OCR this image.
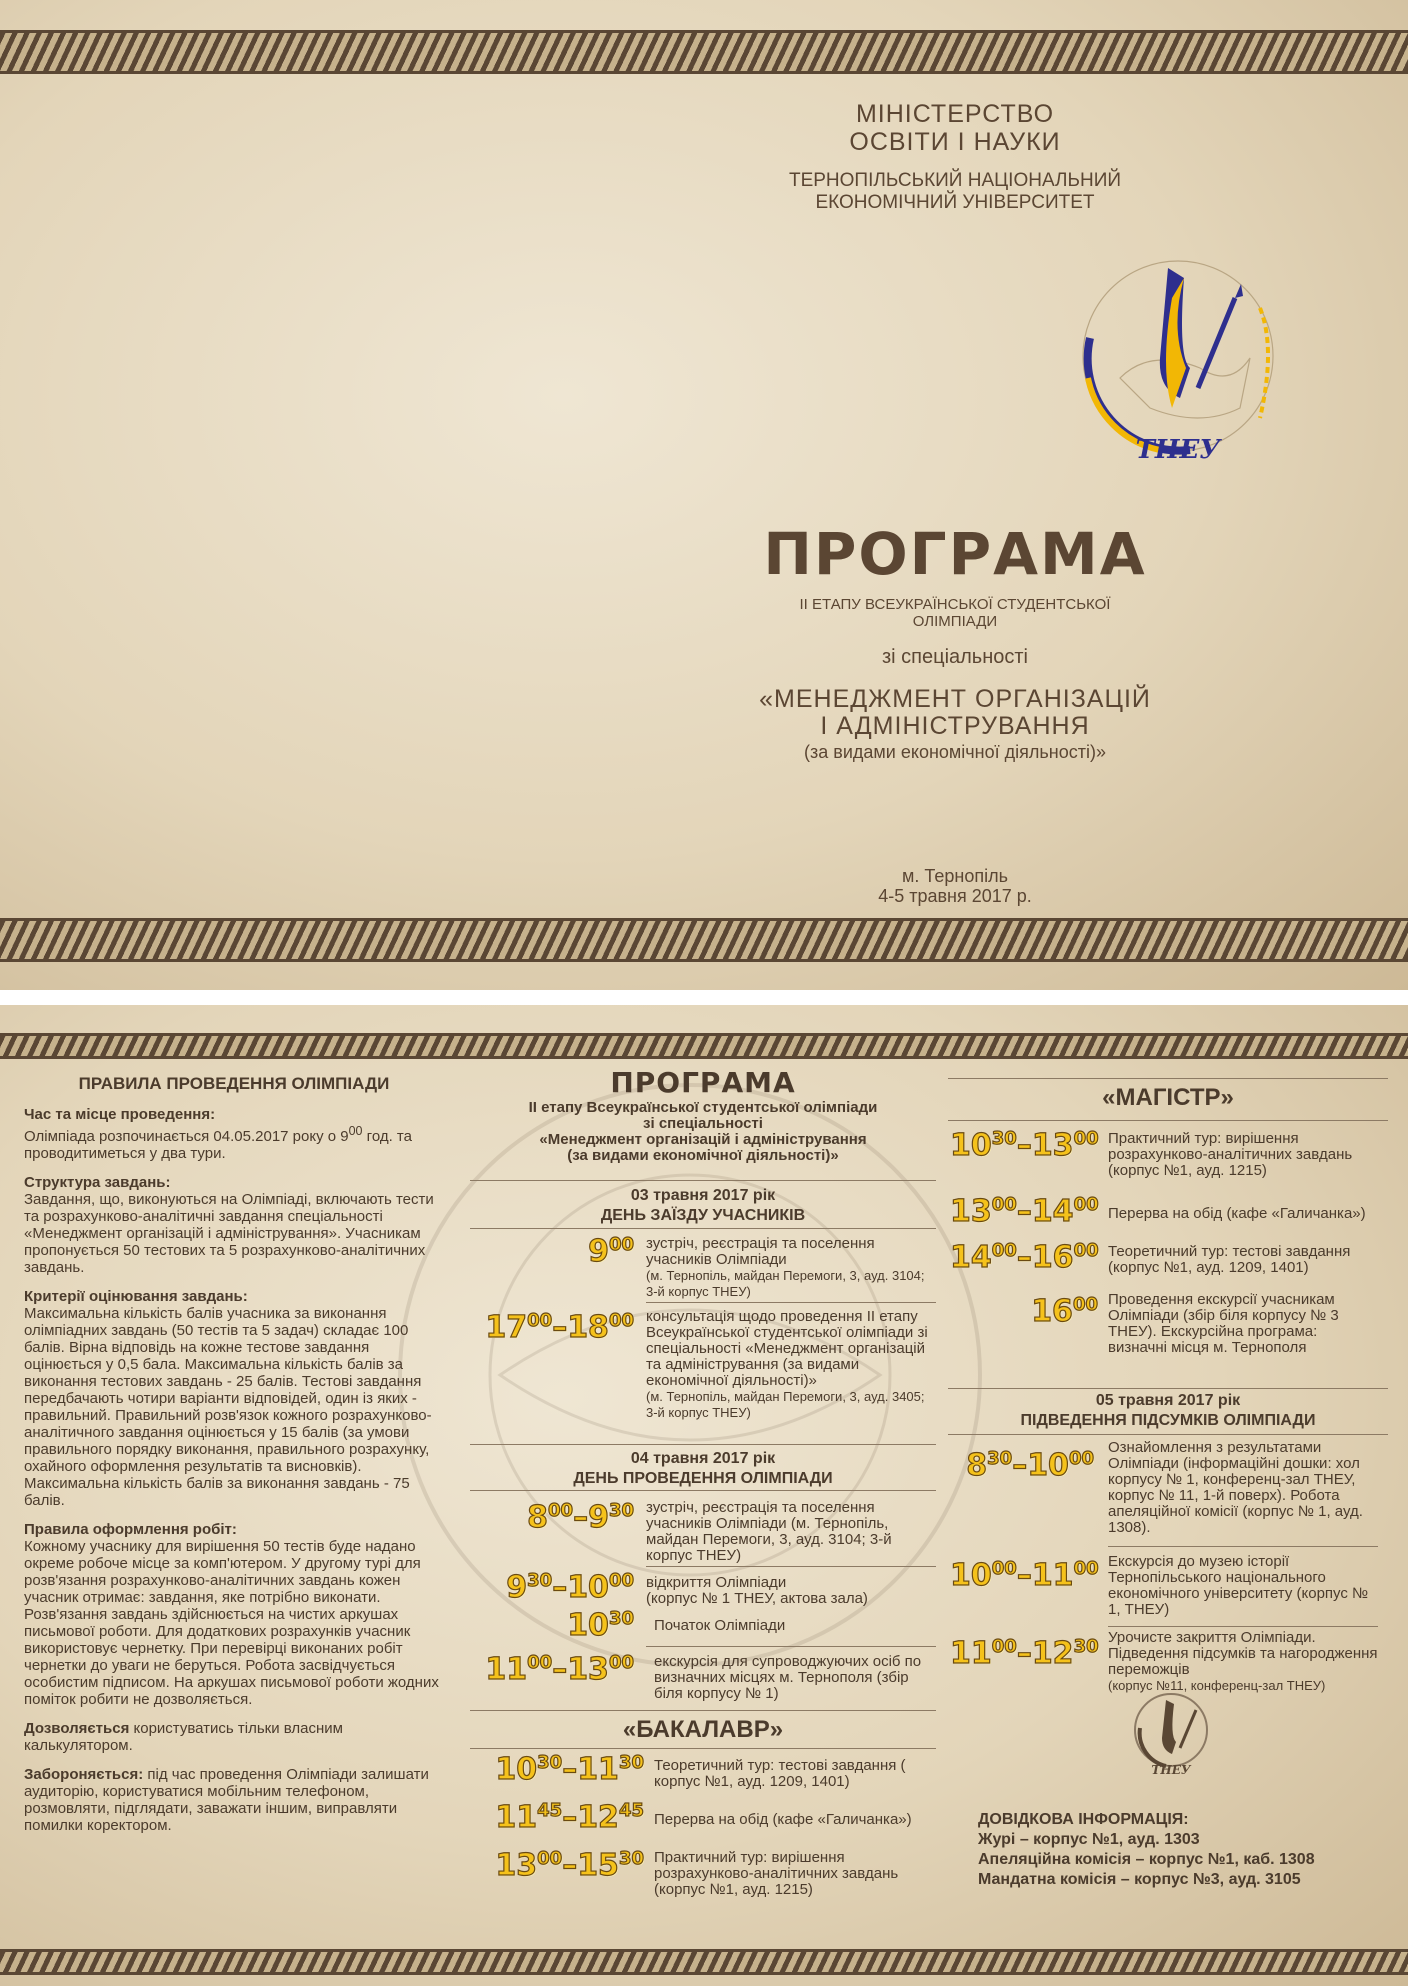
МІНІСТЕРСТВО
ОСВІТИ І НАУКИ
ТЕРНОПІЛЬСЬКИЙ НАЦІОНАЛЬНИЙ
ЕКОНОМІЧНИЙ УНІВЕРСИТЕТ
ТНЕУ
ПРОГРАМА
ІІ ЕТАПУ ВСЕУКРАЇНСЬКОЇ СТУДЕНТСЬКОЇ
ОЛІМПІАДИ
зі спеціальності
«МЕНЕДЖМЕНТ ОРГАНІЗАЦІЙ
І АДМІНІСТРУВАННЯ
(за видами економічної діяльності)»
м. Тернопіль
4-5 травня 2017 р.
ПРАВИЛА ПРОВЕДЕННЯ ОЛІМПІАДИ

Час та місце проведення:
Олімпіада розпочинається 04.05.2017 року о $9^{00}$ год. та проводитиметься у два тури.

Структура завдань:
Завдання, що, виконуються на Олімпіаді, включають тести та розрахунково-аналітичні завдання спеціальності «Менеджмент організацій і адміністрування». Учасникам пропонується 50 тестових та 5 розрахунково-аналітичних завдань.

Критерії оцінювання завдань:
Максимальна кількість балів учасника за виконання олімпіадних завдань (50 тестів та 5 задач) складає 100 балів. Вірна відповідь на кожне тестове завдання оцінюється у 0,5 бала. Максимальна кількість балів за виконання тестових завдань - 25 балів. Тестові завдання передбачають чотири варіанти відповідей, один із яких - правильний. Правильний розв'язок кожного розрахунково-аналітичного завдання оцінюється у 15 балів (за умови правильного порядку виконання, правильного розрахунку, охайного оформлення результатів та висновків). Максимальна кількість балів за виконання завдань - 75 балів.

Правила оформлення робіт:
Кожному учаснику для вирішення 50 тестів буде надано окреме робоче місце за комп'ютером. У другому турі для розв'язання розрахунково-аналітичних завдань кожен учасник отримає: завдання, яке потрібно виконати. Розв'язання завдань здійснюється на чистих аркушах письмової роботи. Для додаткових розрахунків учасник використовує чернетку. При перевірці виконаних робіт чернетки до уваги не беруться. Робота засвідчується особистим підписом. На аркушах письмової роботи жодних поміток робити не дозволяється.

Дозволяється користуватись тільки власним калькулятором.

Забороняється: під час проведення Олімпіади залишати аудиторію, користуватися мобільним телефоном, розмовляти, підглядати, заважати іншим, виправляти помилки коректором.

ПРОГРАМА
ІІ етапу Всеукраїнської студентської олімпіади
зі спеціальності
«Менеджмент організацій і адміністрування
(за видами економічної діяльності)»
03 травня 2017 рік
ДЕНЬ ЗАЇЗДУ УЧАСНИКІВ
$9^{00}$ зустріч, реєстрація та поселення учасників Олімпіади
(м. Тернопіль, майдан Перемоги, 3, ауд. 3104; 3-й корпус ТНЕУ)
$17^{00}-18^{00}$ консультація щодо проведення ІІ етапу Всеукраїнської студентської олімпіади зі спеціальності «Менеджмент організацій та адміністрування (за видами економічної діяльності)»
(м. Тернопіль, майдан Перемоги, 3, ауд. 3405; 3-й корпус ТНЕУ)
04 травня 2017 рік
ДЕНЬ ПРОВЕДЕННЯ ОЛІМПІАДИ
$8^{00}-9^{30}$ зустріч, реєстрація та поселення учасників Олімпіади (м. Тернопіль, майдан Перемоги, 3, ауд. 3104; 3-й корпус ТНЕУ)
$9^{30}-10^{00}$ відкриття Олімпіади
(корпус № 1 ТНЕУ, актова зала)
$10^{30}$ Початок Олімпіади
$11^{00}-13^{00}$ екскурсія для супроводжуючих осіб по визначних місцях м. Тернополя (збір біля корпусу № 1)
«БАКАЛАВР»
$10^{30}-11^{30}$ Теоретичний тур: тестові завдання ( корпус №1, ауд. 1209, 1401)
$11^{45}-12^{45}$ Перерва на обід (кафе «Галичанка»)
$13^{00}-15^{30}$ Практичний тур: вирішення розрахунково-аналітичних завдань (корпус №1, ауд. 1215)
«МАГІСТР»
$10^{30}-13^{00}$ Практичний тур: вирішення розрахунково-аналітичних завдань (корпус №1, ауд. 1215)
$13^{00}-14^{00}$ Перерва на обід (кафе «Галичанка»)
$14^{00}-16^{00}$ Теоретичний тур: тестові завдання (корпус №1, ауд. 1209, 1401)
$16^{00}$ Проведення екскурсії учасникам Олімпіади (збір біля корпусу № 3 ТНЕУ). Екскурсійна програма: визначні місця м. Тернополя
05 травня 2017 рік
ПІДВЕДЕННЯ ПІДСУМКІВ ОЛІМПІАДИ
$8^{30}-10^{00}$
Ознайомлення з результатами Олімпіади (інформаційні дошки: хол корпусу № 1, конференц-зал ТНЕУ, корпус № 11, 1-й поверх). Робота апеляційної комісії (корпус № 1, ауд. 1308).
$10^{00}-11^{00}$ Екскурсія до музею історії Тернопільського національного економічного університету (корпус № 1, ТНЕУ)
$11^{00}-12^{30}$ Урочисте закриття Олімпіади. Підведення підсумків та нагородження переможців
(корпус №11, конференц-зал ТНЕУ)
ТНЕУ
ДОВІДКОВА ІНФОРМАЦІЯ:
Журі – корпус №1, ауд. 1303
Апеляційна комісія – корпус №1, каб. 1308
Мандатна комісія – корпус №3, ауд. 3105
